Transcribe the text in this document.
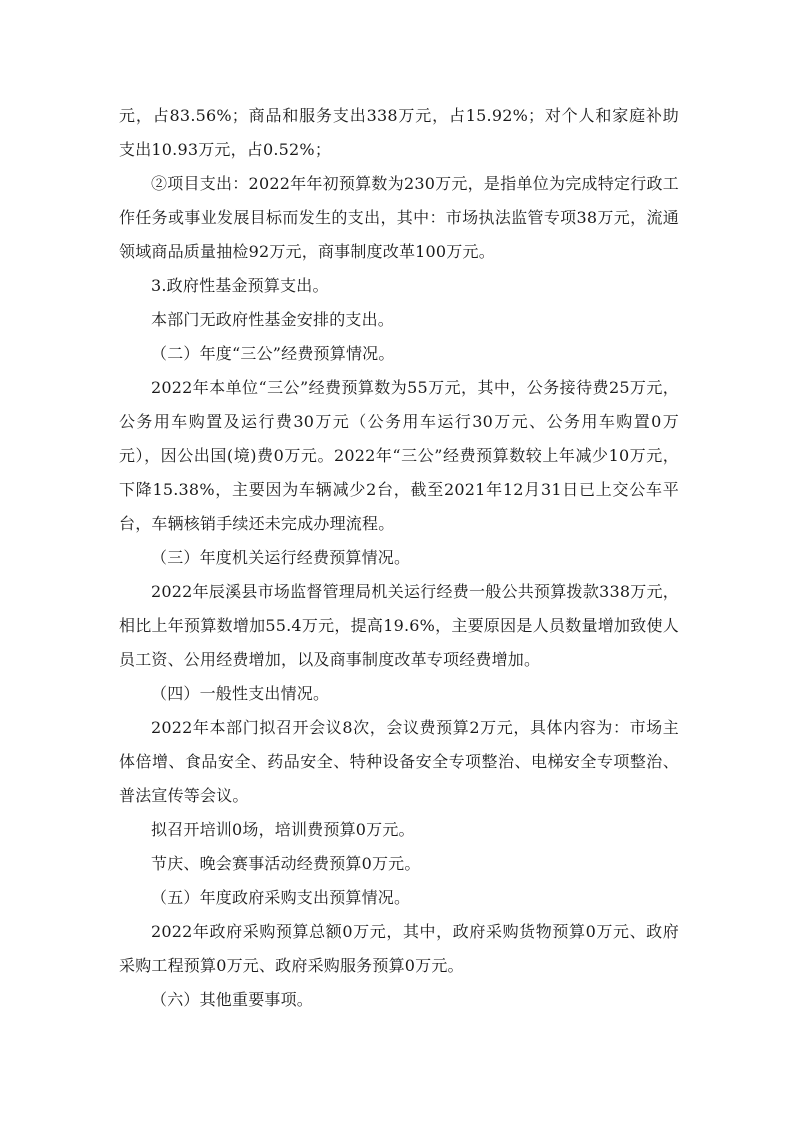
元，占83.56%；商品和服务支出338万元，占15.92%；对个人和家庭补助支出10.93万元，占0.52%；

②项目支出：2022年年初预算数为230万元，是指单位为完成特定行政工作任务或事业发展目标而发生的支出，其中：市场执法监管专项38万元，流通领域商品质量抽检92万元，商事制度改革100万元。

3.政府性基金预算支出。

本部门无政府性基金安排的支出。

（二）年度“三公”经费预算情况。

2022年本单位“三公”经费预算数为55万元，其中，公务接待费25万元，公务用车购置及运行费30万元（公务用车运行30万元、公务用车购置0万元），因公出国(境)费0万元。2022年“三公”经费预算数较上年减少10万元，下降15.38%，主要因为车辆减少2台，截至2021年12月31日已上交公车平台，车辆核销手续还未完成办理流程。

（三）年度机关运行经费预算情况。

2022年辰溪县市场监督管理局机关运行经费一般公共预算拨款338万元，相比上年预算数增加55.4万元，提高19.6%，主要原因是人员数量增加致使人员工资、公用经费增加，以及商事制度改革专项经费增加。

（四）一般性支出情况。

2022年本部门拟召开会议8次，会议费预算2万元，具体内容为：市场主体倍增、食品安全、药品安全、特种设备安全专项整治、电梯安全专项整治、普法宣传等会议。

拟召开培训0场，培训费预算0万元。

节庆、晚会赛事活动经费预算0万元。

（五）年度政府采购支出预算情况。

2022年政府采购预算总额0万元，其中，政府采购货物预算0万元、政府采购工程预算0万元、政府采购服务预算0万元。

（六）其他重要事项。
